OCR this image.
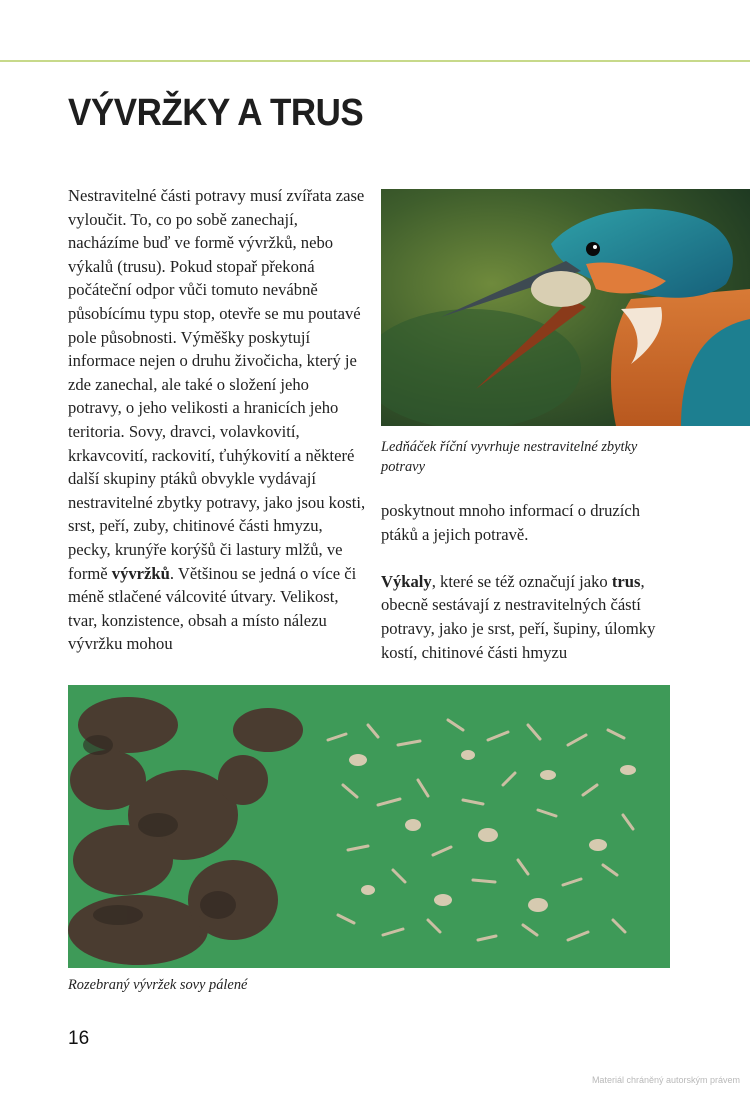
VÝVRŽKY A TRUS

Nestravitelné části potravy musí zvířata zase vyloučit. To, co po sobě zanechají, nacházíme buď ve formě vývržků, nebo výkalů (trusu). Pokud stopař překoná počáteční odpor vůči tomuto nevábně působícímu typu stop, otevře se mu poutavé pole působnosti. Výměšky poskytují informace nejen o druhu živočicha, který je zde zanechal, ale také o složení jeho potravy, o jeho velikosti a hranicích jeho teritoria. Sovy, dravci, volavkovití, krkavcovití, rackovití, ťuhýkovití a některé další skupiny ptáků obvykle vydávají nestravitelné zbytky potravy, jako jsou kosti, srst, peří, zuby, chitinové části hmyzu, pecky, krunýře korýšů či lastury mlžů, ve formě vývržků. Většinou se jedná o více či méně stlačené válcovité útvary. Velikost, tvar, konzistence, obsah a místo nálezu vývržku mohou

Ledňáček říční vyvrhuje nestravitelné zbytky potravy

poskytnout mnoho informací o druzích ptáků a jejich potravě.

Výkaly, které se též označují jako trus, obecně sestávají z nestravitelných částí potravy, jako je srst, peří, šupiny, úlomky kostí, chitinové části hmyzu

Rozebraný vývržek sovy pálené
16
Materiál chráněný autorským právem
